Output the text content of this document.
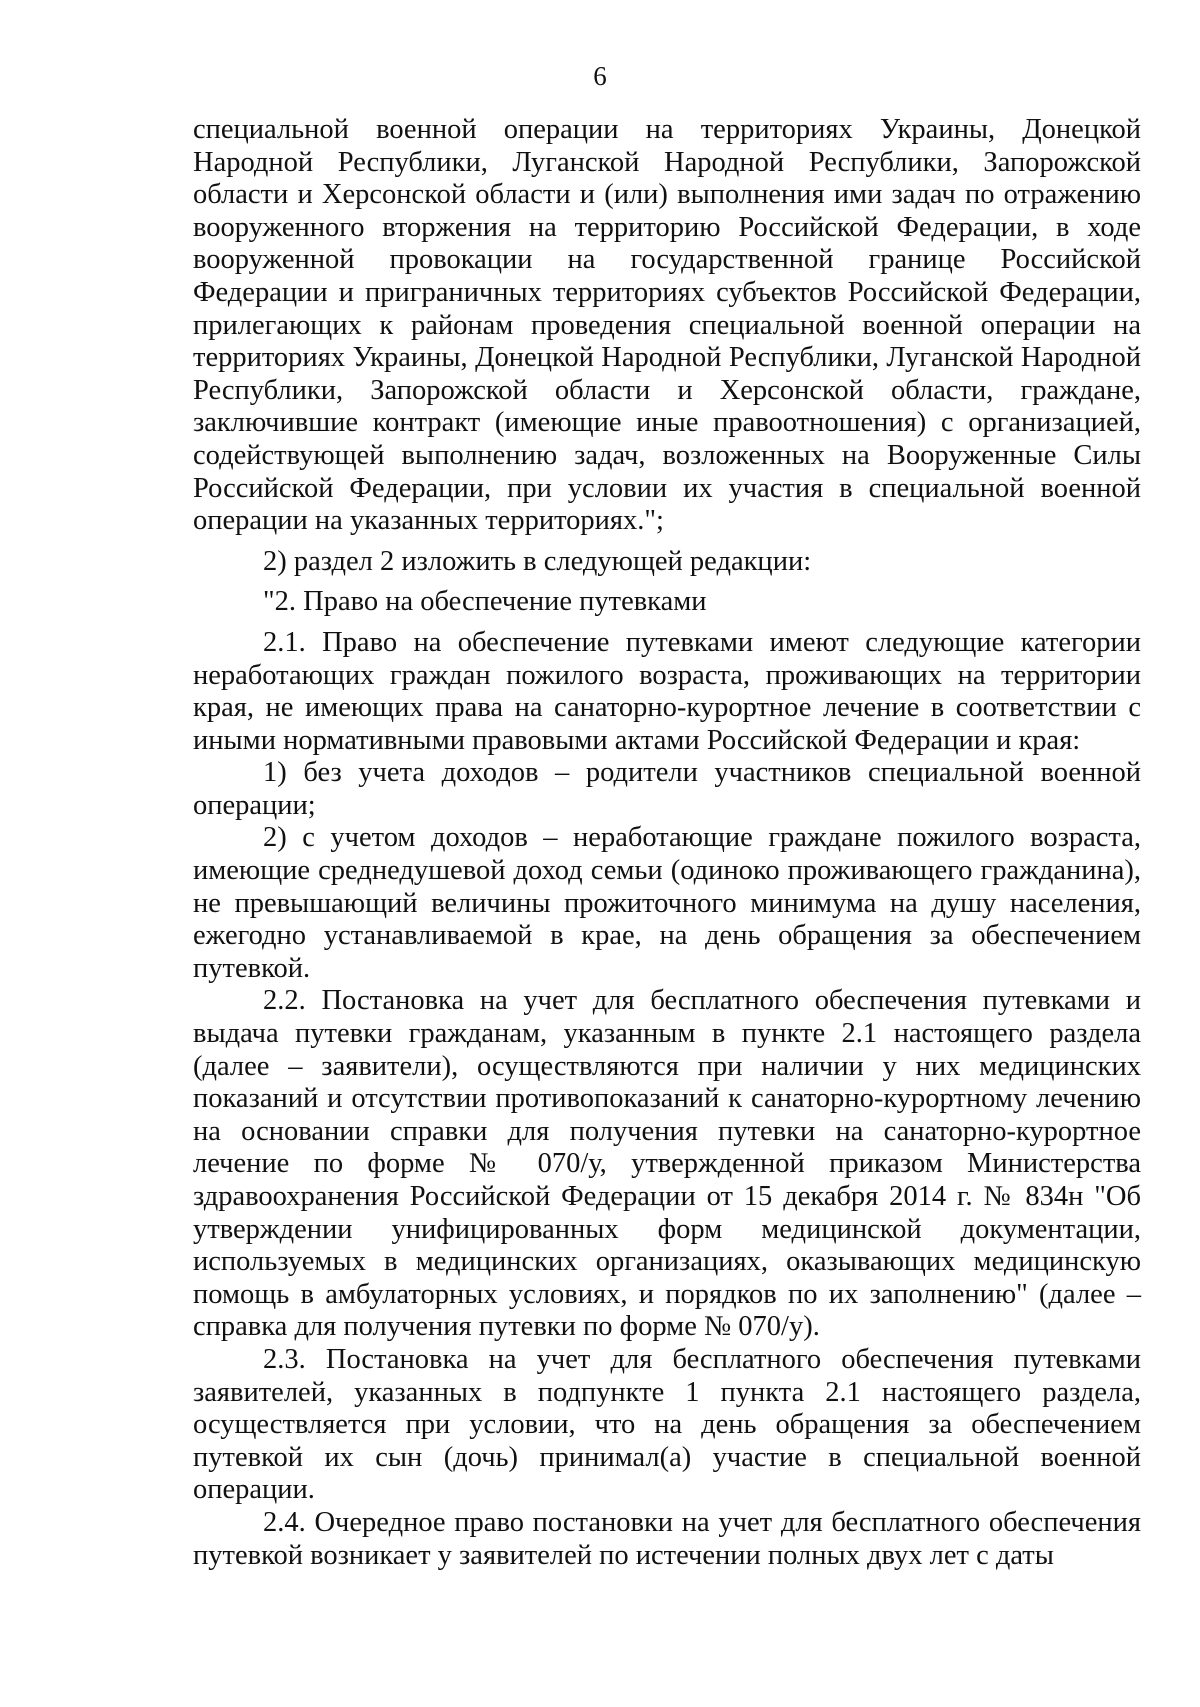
6

специальной военной операции на территориях Украины, Донецкой Народной Республики, Луганской Народной Республики, Запорожской области и Херсонской области и (или) выполнения ими задач по отражению вооруженного вторжения на территорию Российской Федерации, в ходе вооруженной провокации на государственной границе Российской Федерации и приграничных территориях субъектов Российской Федерации, прилегающих к районам проведения специальной военной операции на территориях Украины, Донецкой Народной Республики, Луганской Народной Республики, Запорожской области и Херсонской области, граждане, заключившие контракт (имеющие иные правоотношения) с организацией, содействующей выполнению задач, возложенных на Вооруженные Силы Российской Федерации, при условии их участия в специальной военной операции на указанных территориях.";

2) раздел 2 изложить в следующей редакции:

"2. Право на обеспечение путевками

2.1. Право на обеспечение путевками имеют следующие категории неработающих граждан пожилого возраста, проживающих на территории края, не имеющих права на санаторно-курортное лечение в соответствии с иными нормативными правовыми актами Российской Федерации и края:

1) без учета доходов – родители участников специальной военной операции;

2) с учетом доходов – неработающие граждане пожилого возраста, имеющие среднедушевой доход семьи (одиноко проживающего гражданина), не превышающий величины прожиточного минимума на душу населения, ежегодно устанавливаемой в крае, на день обращения за обеспечением путевкой.

2.2. Постановка на учет для бесплатного обеспечения путевками и выдача путевки гражданам, указанным в пункте 2.1 настоящего раздела (далее – заявители), осуществляются при наличии у них медицинских показаний и отсутствии противопоказаний к санаторно-курортному лечению на основании справки для получения путевки на санаторно-курортное лечение по форме № 070/у, утвержденной приказом Министерства здравоохранения Российской Федерации от 15 декабря 2014 г. № 834н "Об утверждении унифицированных форм медицинской документации, используемых в медицинских организациях, оказывающих медицинскую помощь в амбулаторных условиях, и порядков по их заполнению" (далее – справка для получения путевки по форме № 070/у).

2.3. Постановка на учет для бесплатного обеспечения путевками заявителей, указанных в подпункте 1 пункта 2.1 настоящего раздела, осуществляется при условии, что на день обращения за обеспечением путевкой их сын (дочь) принимал(а) участие в специальной военной операции.

2.4. Очередное право постановки на учет для бесплатного обеспечения путевкой возникает у заявителей по истечении полных двух лет с даты
